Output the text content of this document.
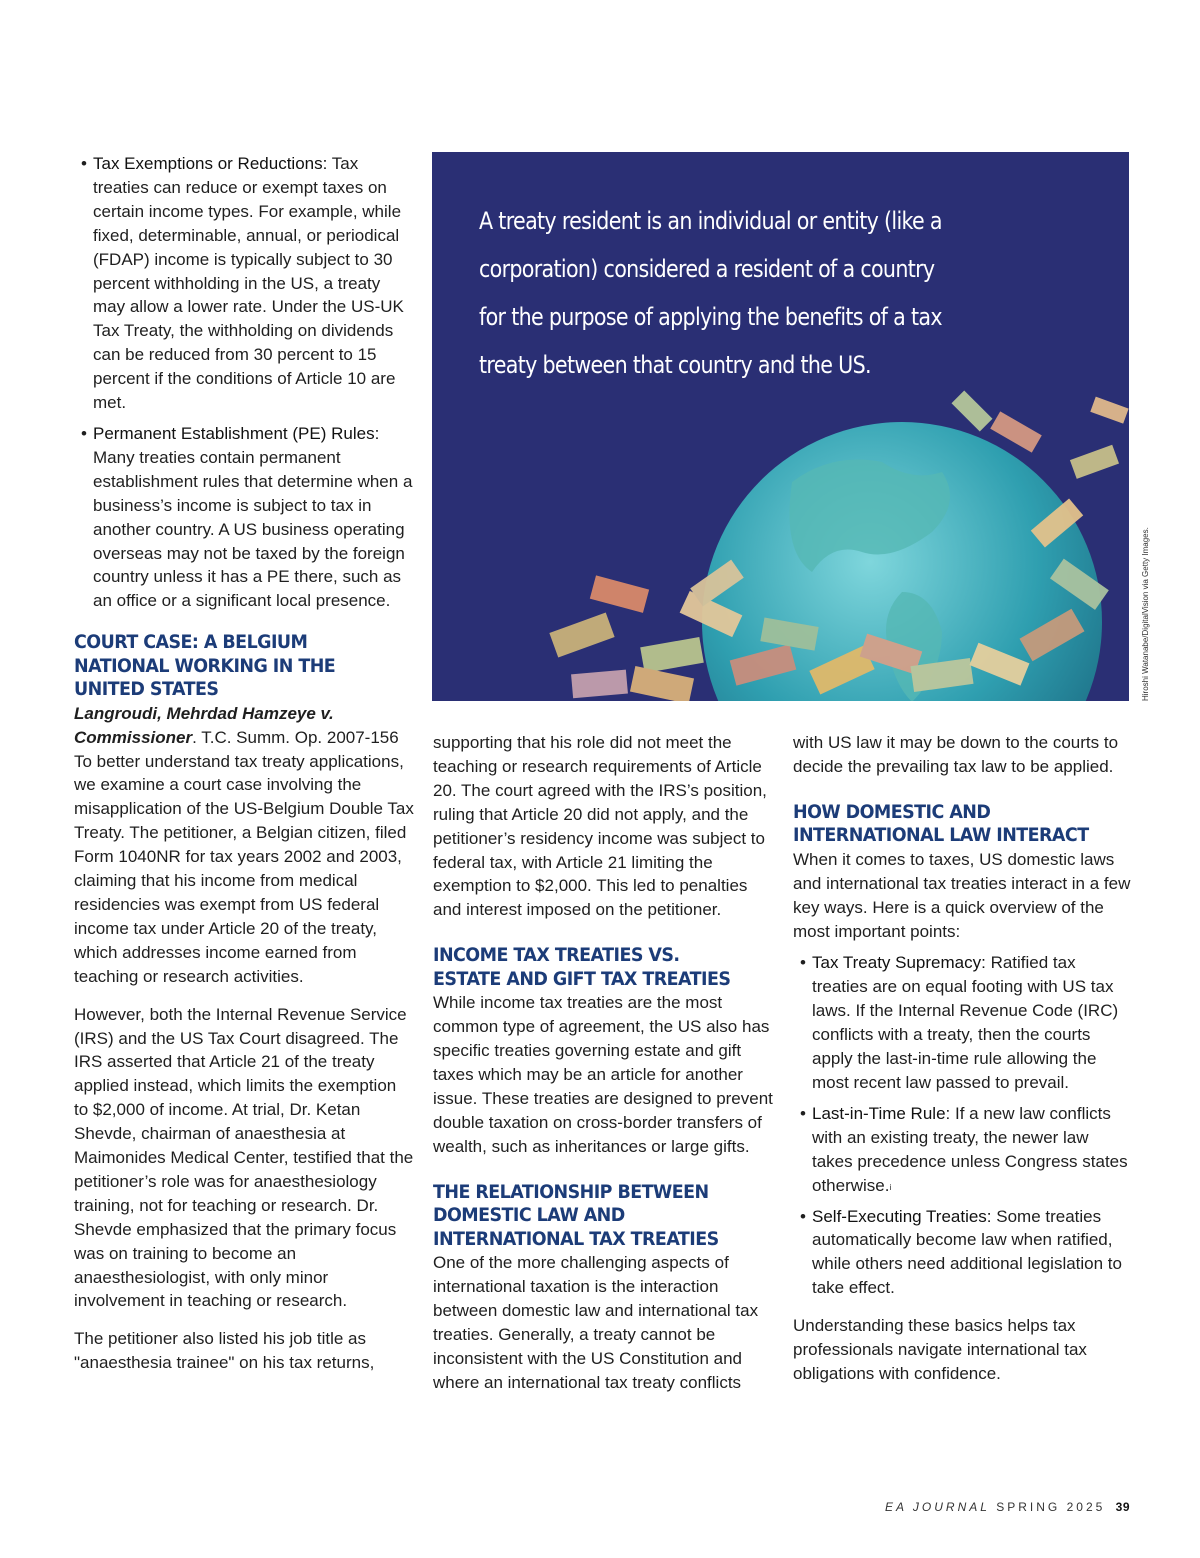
• Tax Exemptions or Reductions: Tax treaties can reduce or exempt taxes on certain income types. For example, while fixed, determinable, annual, or periodical (FDAP) income is typically subject to 30 percent withholding in the US, a treaty may allow a lower rate. Under the US-UK Tax Treaty, the withholding on dividends can be reduced from 30 percent to 15 percent if the conditions of Article 10 are met.
• Permanent Establishment (PE) Rules: Many treaties contain permanent establishment rules that determine when a business’s income is subject to tax in another country. A US business operating overseas may not be taxed by the foreign country unless it has a PE there, such as an office or a significant local presence.
COURT CASE: A BELGIUM NATIONAL WORKING IN THE UNITED STATES

Langroudi, Mehrdad Hamzeye v. Commissioner. T.C. Summ. Op. 2007-156

To better understand tax treaty applications, we examine a court case involving the misapplication of the US-Belgium Double Tax Treaty. The petitioner, a Belgian citizen, filed Form 1040NR for tax years 2002 and 2003, claiming that his income from medical residencies was exempt from US federal income tax under Article 20 of the treaty, which addresses income earned from teaching or research activities.

However, both the Internal Revenue Service (IRS) and the US Tax Court disagreed. The IRS asserted that Article 21 of the treaty applied instead, which limits the exemption to $2,000 of income. At trial, Dr. Ketan Shevde, chairman of anaesthesia at Maimonides Medical Center, testified that the petitioner’s role was for anaesthesiology training, not for teaching or research. Dr. Shevde emphasized that the primary focus was on training to become an anaesthesiologist, with only minor involvement in teaching or research.

The petitioner also listed his job title as "anaesthesia trainee" on his tax returns,

A treaty resident is an individual or entity (like a corporation) considered a resident of a country for the purpose of applying the benefits of a tax treaty between that country and the US.
Hiroshi Watanabe/DigitalVision via Getty Images.

supporting that his role did not meet the teaching or research requirements of Article 20. The court agreed with the IRS’s position, ruling that Article 20 did not apply, and the petitioner’s residency income was subject to federal tax, with Article 21 limiting the exemption to $2,000. This led to penalties and interest imposed on the petitioner.

INCOME TAX TREATIES VS. ESTATE AND GIFT TAX TREATIES

While income tax treaties are the most common type of agreement, the US also has specific treaties governing estate and gift taxes which may be an article for another issue. These treaties are designed to prevent double taxation on cross-border transfers of wealth, such as inheritances or large gifts.

THE RELATIONSHIP BETWEEN DOMESTIC LAW AND INTERNATIONAL TAX TREATIES

One of the more challenging aspects of international taxation is the interaction between domestic law and international tax treaties. Generally, a treaty cannot be inconsistent with the US Constitution and where an international tax treaty conflicts

with US law it may be down to the courts to decide the prevailing tax law to be applied.

HOW DOMESTIC AND INTERNATIONAL LAW INTERACT

When it comes to taxes, US domestic laws and international tax treaties interact in a few key ways. Here is a quick overview of the most important points:

• Tax Treaty Supremacy: Ratified tax treaties are on equal footing with US tax laws. If the Internal Revenue Code (IRC) conflicts with a treaty, then the courts apply the last-in-time rule allowing the most recent law passed to prevail.
• Last-in-Time Rule: If a new law conflicts with an existing treaty, the newer law takes precedence unless Congress states otherwise.$^i$
• Self-Executing Treaties: Some treaties automatically become law when ratified, while others need additional legislation to take effect.

Understanding these basics helps tax professionals navigate international tax obligations with confidence.

EA JOURNAL SPRING 2025 39
